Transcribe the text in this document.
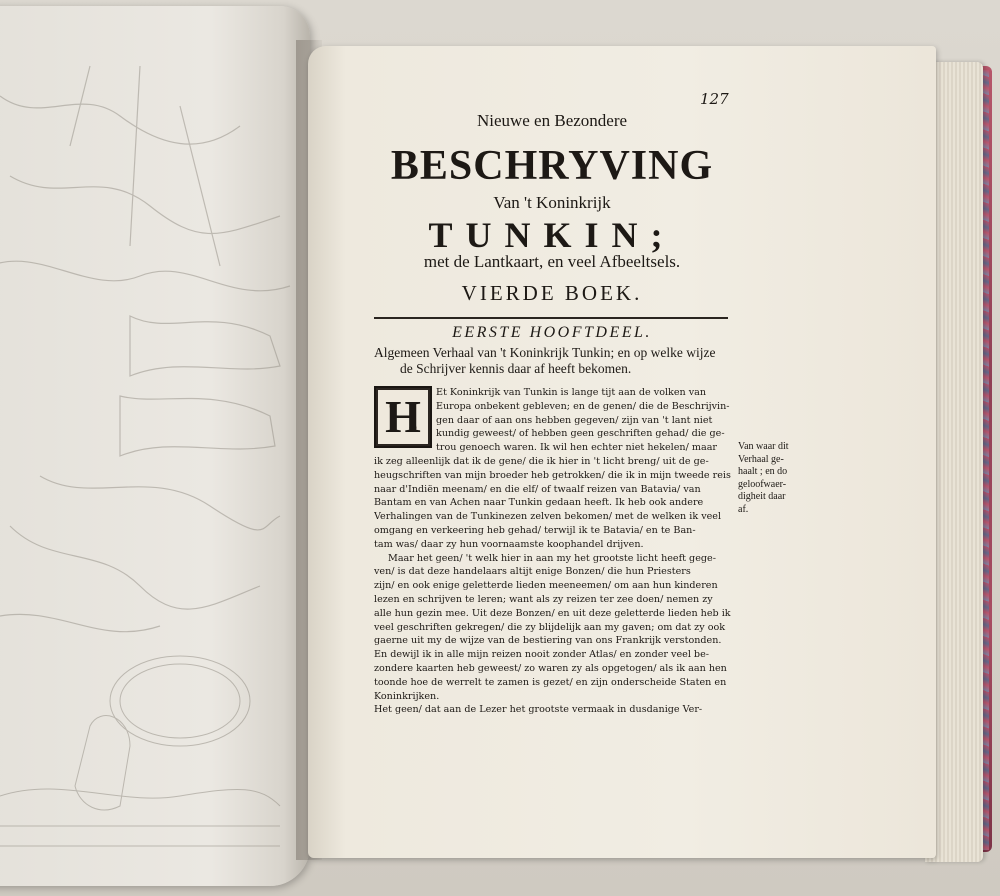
127
Nieuwe en Bezondere
BESCHRYVING
Van 't Koninkrijk
TUNKIN;
met de Lantkaart, en veel Afbeeltsels.
VIERDE BOEK.
EERSTE HOOFTDEEL.
Algemeen Verhaal van 't Koninkrijk Tunkin; en op welke wijze
de Schrijver kennis daar af heeft bekomen.
Et Koninkrijk van Tunkin is lange tijt aan de volken van
Europa onbekent gebleven; en de genen/ die de Beschrijvin-
gen daar of aan ons hebben gegeven/ zijn van 't lant niet
kundig geweest/ of hebben geen geschriften gehad/ die ge-
trou genoech waren. Ik wil hen echter niet hekelen/ maar
ik zeg alleenlijk dat ik de gene/ die ik hier in 't licht breng/ uit de ge-
heugschriften van mijn broeder heb getrokken/ die ik in mijn tweede reis
naar d'Indiën meenam/ en die elf/ of twaalf reizen van Batavia/ van
Bantam en van Achen naar Tunkin gedaan heeft. Ik heb ook andere
Verhalingen van de Tunkinezen zelven bekomen/ met de welken ik veel
omgang en verkeering heb gehad/ terwijl ik te Batavia/ en te Ban-
tam was/ daar zy hun voornaamste koophandel drijven.
Maar het geen/ 't welk hier in aan my het grootste licht heeft gege-
ven/ is dat deze handelaars altijt enige Bonzen/ die hun Priesters
zijn/ en ook enige geletterde lieden meeneemen/ om aan hun kinderen
lezen en schrijven te leren; want als zy reizen ter zee doen/ nemen zy
alle hun gezin mee. Uit deze Bonzen/ en uit deze geletterde lieden heb ik
veel geschriften gekregen/ die zy blijdelijk aan my gaven; om dat zy ook
gaerne uit my de wijze van de bestiering van ons Frankrijk verstonden.
En dewijl ik in alle mijn reizen nooit zonder Atlas/ en zonder veel be-
zondere kaarten heb geweest/ zo waren zy als opgetogen/ als ik aan hen
toonde hoe de werrelt te zamen is gezet/ en zijn onderscheide Staten en
Koninkrijken.
Het geen/ dat aan de Lezer het grootste vermaak in dusdanige Ver-
H
Van waar dit
Verhaal ge-
haalt ; en do
geloofwaer-
digheit daar
af.
